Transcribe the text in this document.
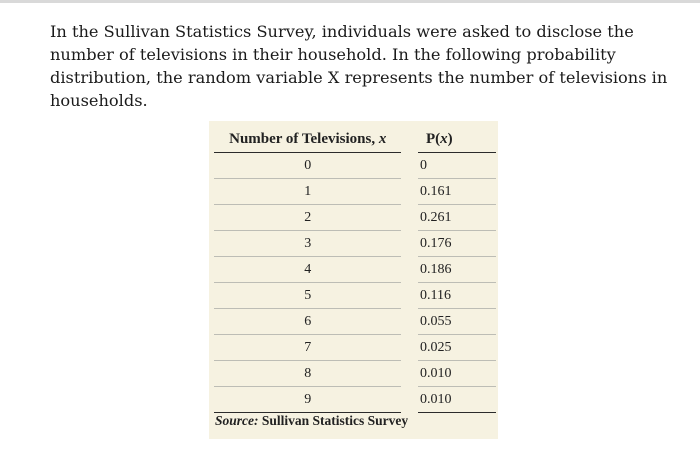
In the Sullivan Statistics Survey, individuals were asked to disclose the number of televisions in their household. In the following probability distribution, the random variable X represents the number of televisions in households.

Number of Televisions, x		P(x)
0		0
1		0.161
2		0.261
3		0.176
4		0.186
5		0.116
6		0.055
7		0.025
8		0.010
9		0.010
Source: Sullivan Statistics Survey
